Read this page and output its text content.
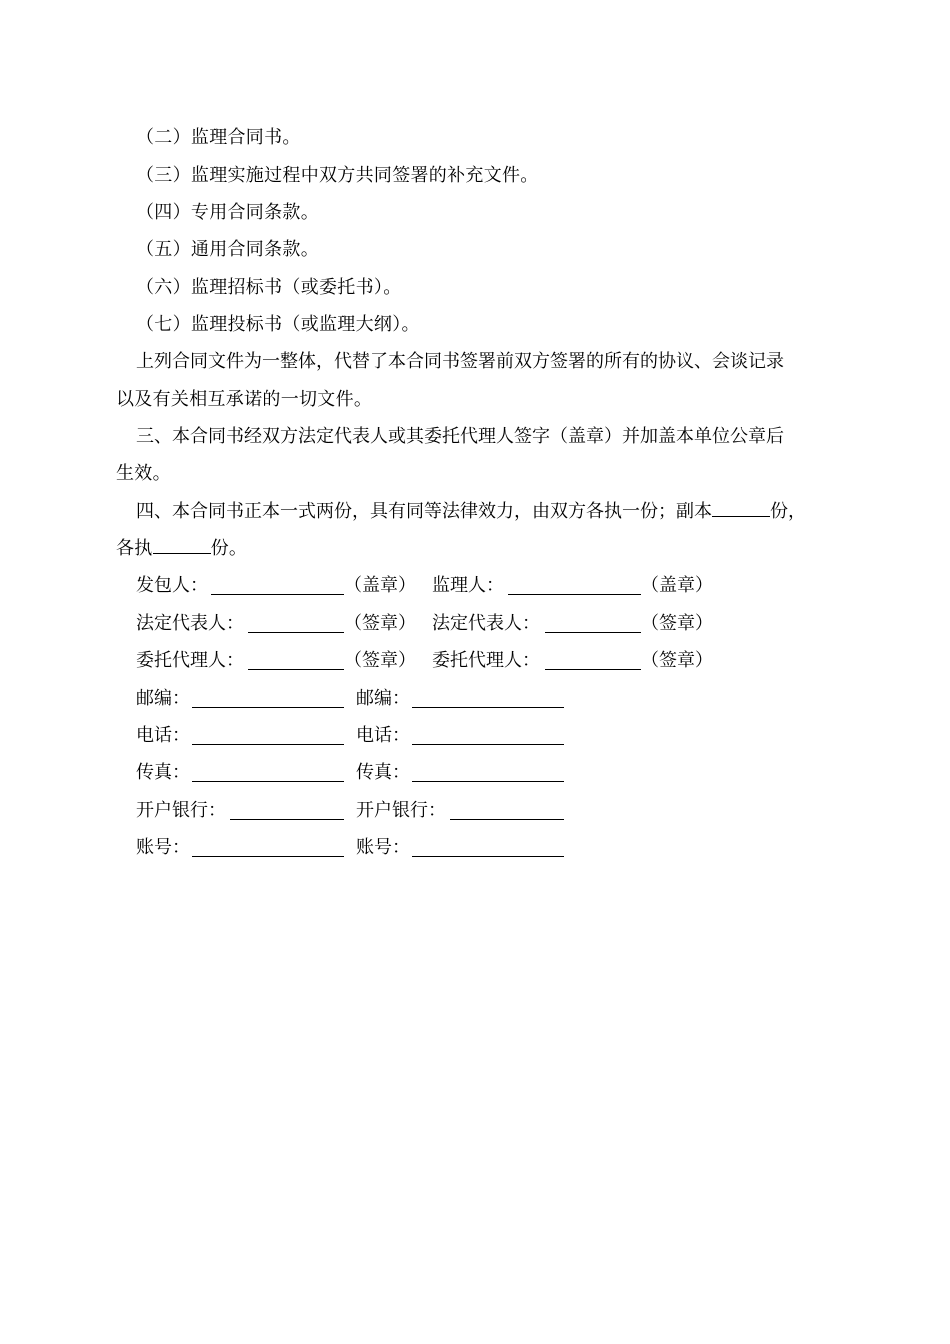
（二）监理合同书。
（三）监理实施过程中双方共同签署的补充文件。
（四）专用合同条款。
（五）通用合同条款。
（六）监理招标书（或委托书）。
（七）监理投标书（或监理大纲）。
上列合同文件为一整体，代替了本合同书签署前双方签署的所有的协议、会谈记录
以及有关相互承诺的一切文件。
三、本合同书经双方法定代表人或其委托代理人签字（盖章）并加盖本单位公章后
生效。
四、本合同书正本一式两份，具有同等法律效力，由双方各执一份；副本	份，
各执	份。
发包人：	（盖章） 监理人：	（盖章）
法定代表人：	（签章） 法定代表人：	（签章）
委托代理人：	（签章） 委托代理人：	（签章）
邮编：	邮编：
电话：	电话：
传真：	传真：
开户银行：	开户银行：
账号：	账号：
